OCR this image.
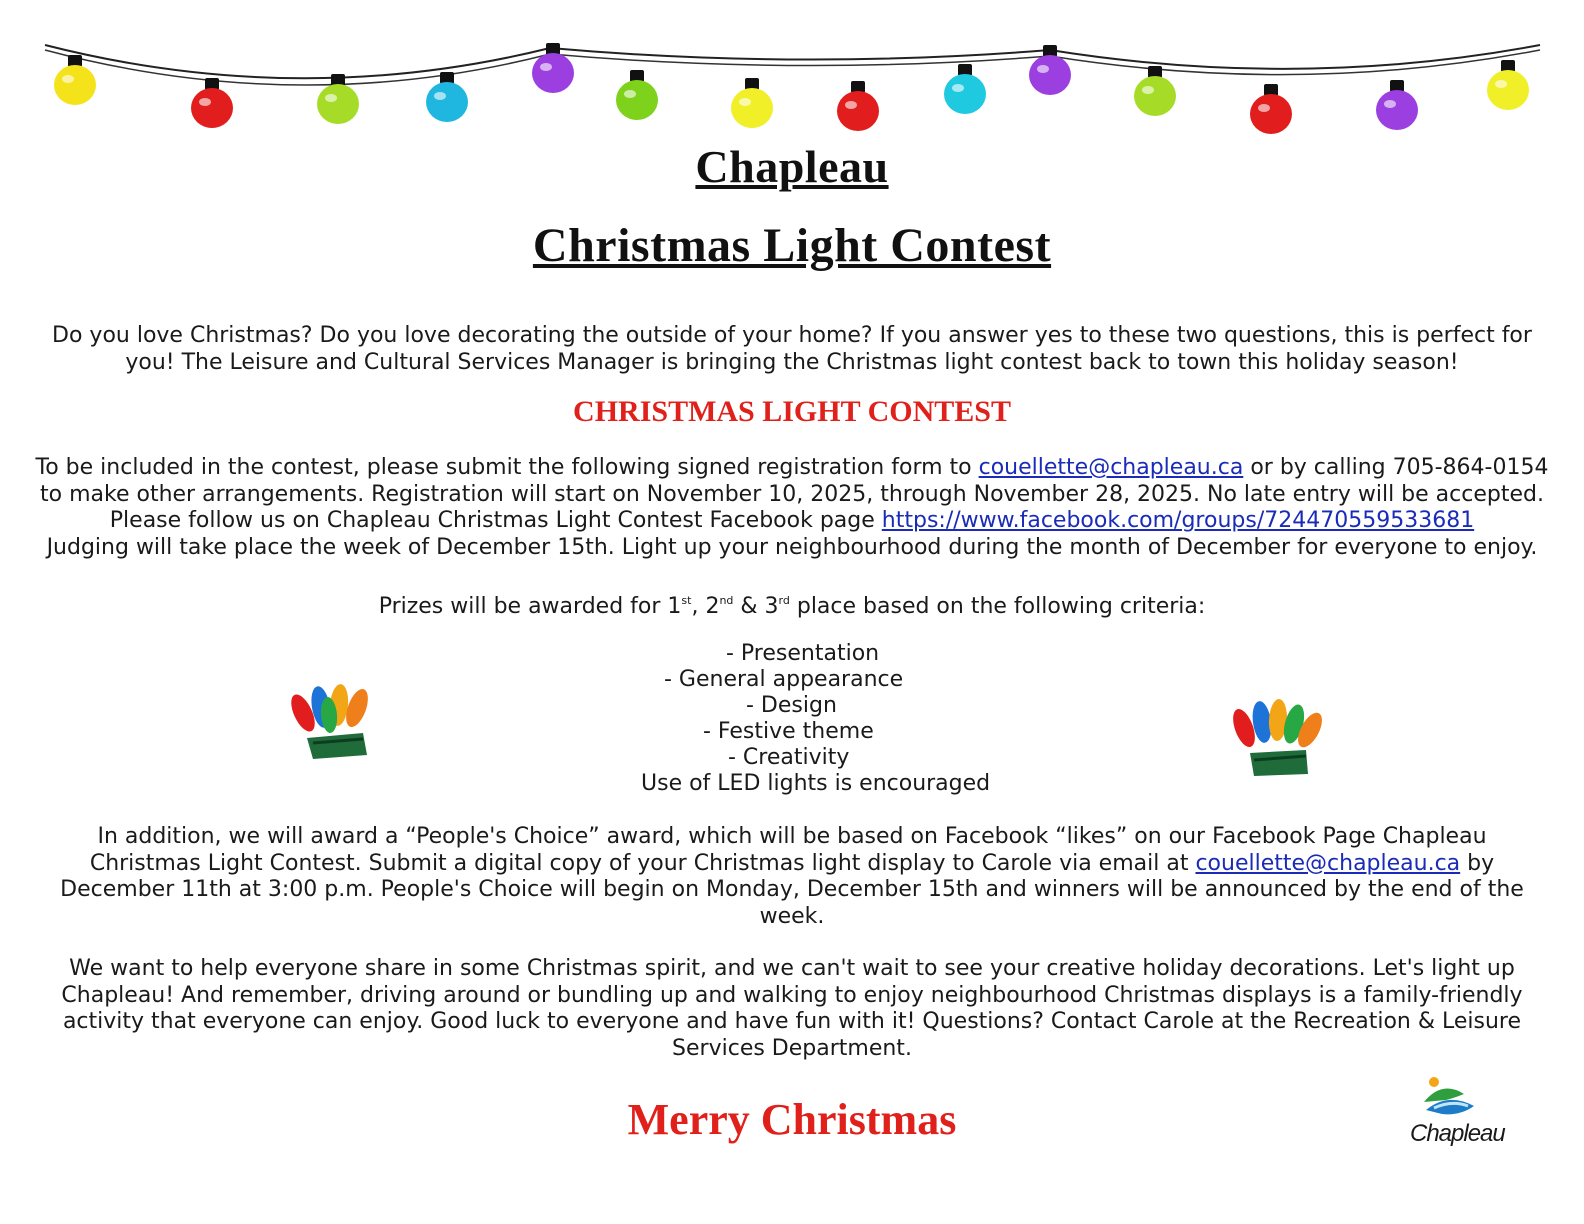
Chapleau
Christmas Light Contest
Do you love Christmas? Do you love decorating the outside of your home? If you answer yes to these two questions, this is perfect for
you! The Leisure and Cultural Services Manager is bringing the Christmas light contest back to town this holiday season!
CHRISTMAS LIGHT CONTEST
To be included in the contest, please submit the following signed registration form to couellette@chapleau.ca or by calling 705-864-0154
to make other arrangements. Registration will start on November 10, 2025, through November 28, 2025. No late entry will be accepted.
Please follow us on Chapleau Christmas Light Contest Facebook page https://www.facebook.com/groups/724470559533681
Judging will take place the week of December 15th. Light up your neighbourhood during the month of December for everyone to enjoy.
Prizes will be awarded for 1st, 2nd & 3rd place based on the following criteria:
- Presentation
- General appearance
- Design
- Festive theme
- Creativity
Use of LED lights is encouraged
In addition, we will award a “People's Choice” award, which will be based on Facebook “likes” on our Facebook Page Chapleau
Christmas Light Contest. Submit a digital copy of your Christmas light display to Carole via email at couellette@chapleau.ca by
December 11th at 3:00 p.m. People's Choice will begin on Monday, December 15th and winners will be announced by the end of the
week.
We want to help everyone share in some Christmas spirit, and we can't wait to see your creative holiday decorations. Let's light up
Chapleau! And remember, driving around or bundling up and walking to enjoy neighbourhood Christmas displays is a family-friendly
activity that everyone can enjoy. Good luck to everyone and have fun with it! Questions? Contact Carole at the Recreation & Leisure
Services Department.
Merry Christmas	Chapleau
